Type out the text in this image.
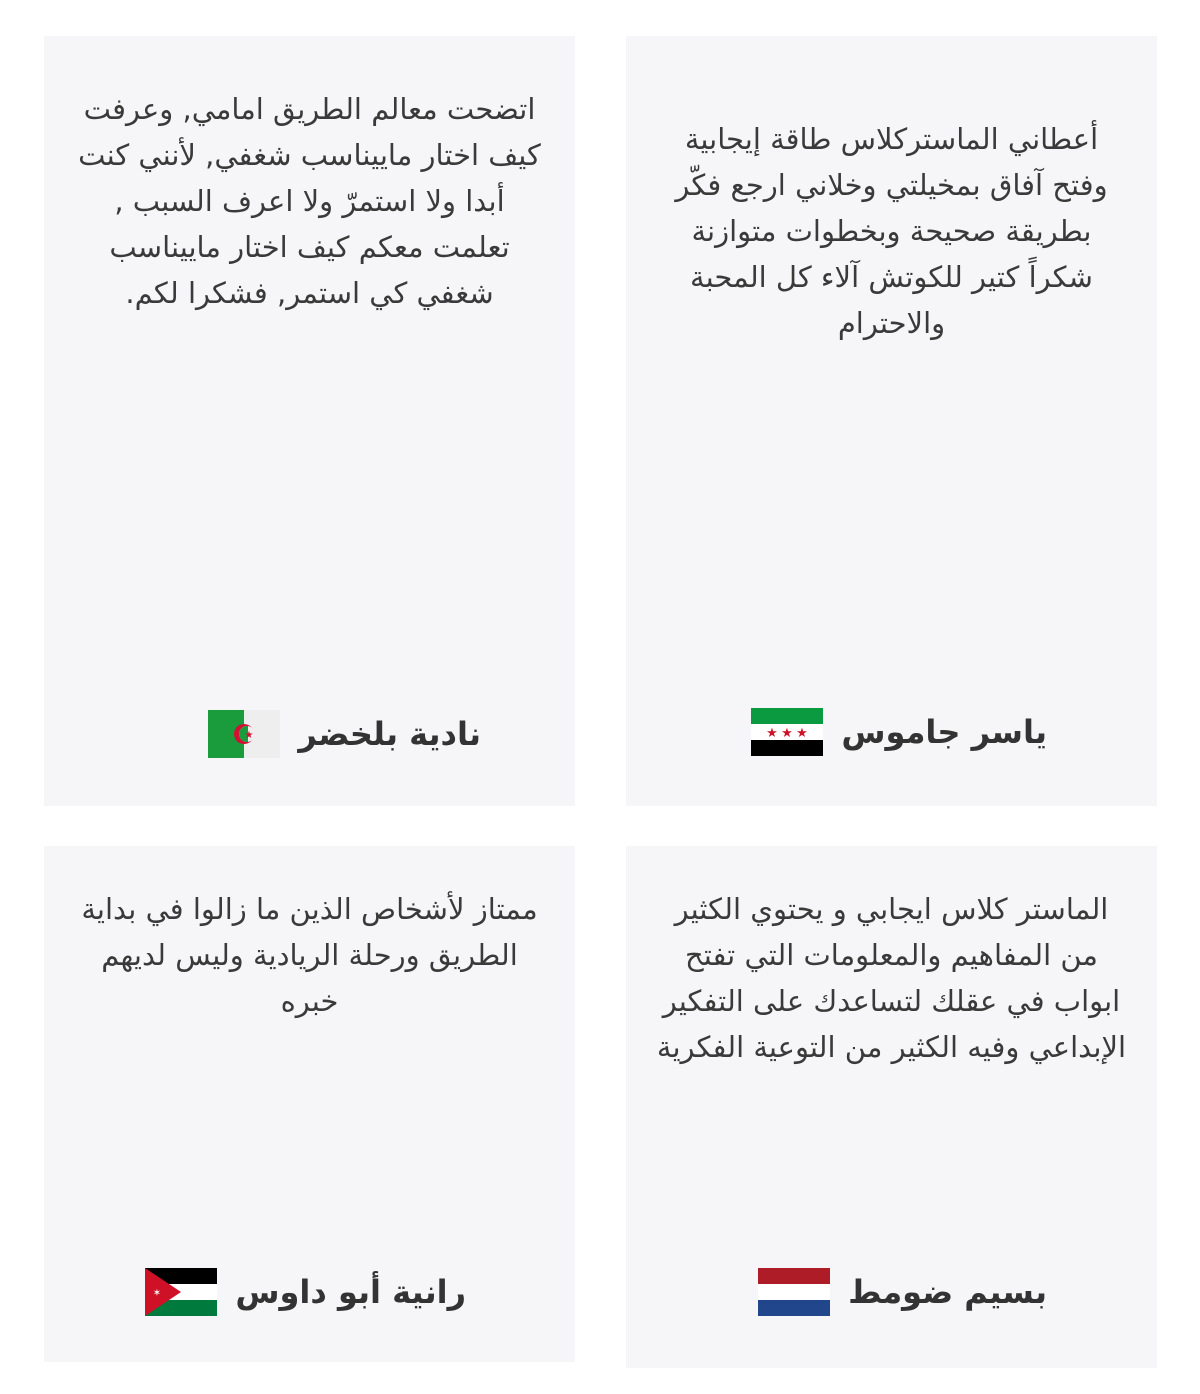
أعطاني الماستركلاس طاقة إيجابية وفتح آفاق بمخيلتي وخلاني ارجع فكّر بطريقة صحيحة وبخطوات متوازنة شكراً كتير للكوتش آلاء كل المحبة والاحترام

ياسر جاموس
★ ★ ★

اتضحت معالم الطريق امامي, وعرفت كيف اختار ماييناسب شغفي, لأنني كنت أبدا ولا استمرّ ولا اعرف السبب , تعلمت معكم كيف اختار ماييناسب شغفي كي استمر, فشكرا لكم.

نادية بلخضر
★

الماستر كلاس ايجابي و يحتوي الكثير من المفاهيم والمعلومات التي تفتح ابواب في عقلك لتساعدك على التفكير الإبداعي وفيه الكثير من التوعية الفكرية

بسيم ضومط

ممتاز لأشخاص الذين ما زالوا في بداية الطريق ورحلة الريادية وليس لديهم خبره

رانية أبو داوس
✶
